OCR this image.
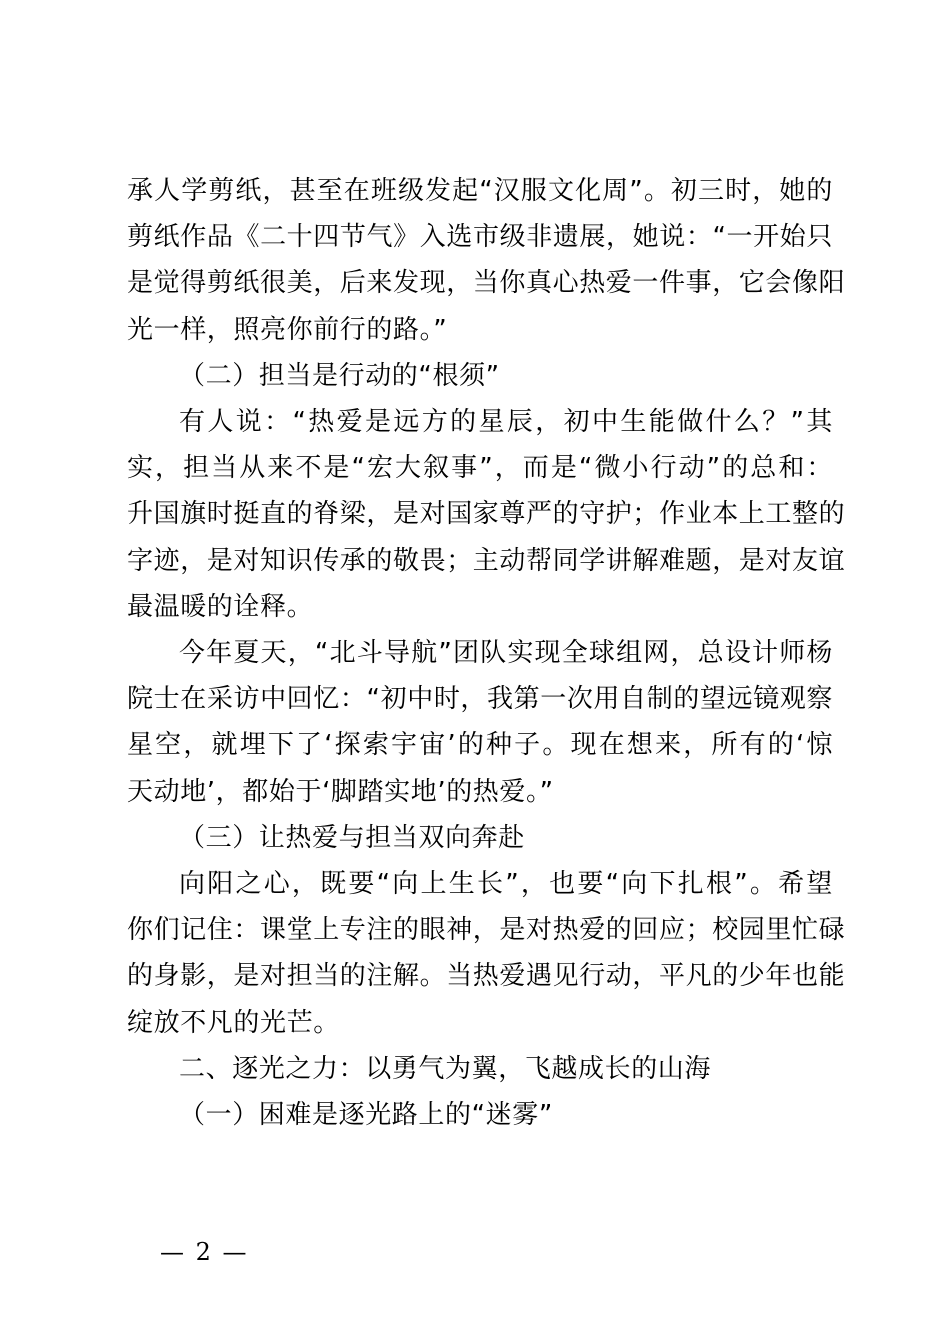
承人学剪纸，甚至在班级发起“汉服文化周”。初三时，她的
剪纸作品《二十四节气》入选市级非遗展，她说：“一开始只
是觉得剪纸很美，后来发现，当你真心热爱一件事，它会像阳
光一样，照亮你前行的路。”

（二）担当是行动的“根须”

有人说：“热爱是远方的星辰，初中生能做什么？”其
实，担当从来不是“宏大叙事”，而是“微小行动”的总和：
升国旗时挺直的脊梁，是对国家尊严的守护；作业本上工整的
字迹，是对知识传承的敬畏；主动帮同学讲解难题，是对友谊
最温暖的诠释。

今年夏天，“北斗导航”团队实现全球组网，总设计师杨
院士在采访中回忆：“初中时，我第一次用自制的望远镜观察
星空，就埋下了‘探索宇宙’的种子。现在想来，所有的‘惊
天动地’，都始于‘脚踏实地’的热爱。”

（三）让热爱与担当双向奔赴

向阳之心，既要“向上生长”，也要“向下扎根”。希望
你们记住：课堂上专注的眼神，是对热爱的回应；校园里忙碌
的身影，是对担当的注解。当热爱遇见行动，平凡的少年也能
绽放不凡的光芒。

二、逐光之力：以勇气为翼，飞越成长的山海

（一）困难是逐光路上的“迷雾”

— 2 —
